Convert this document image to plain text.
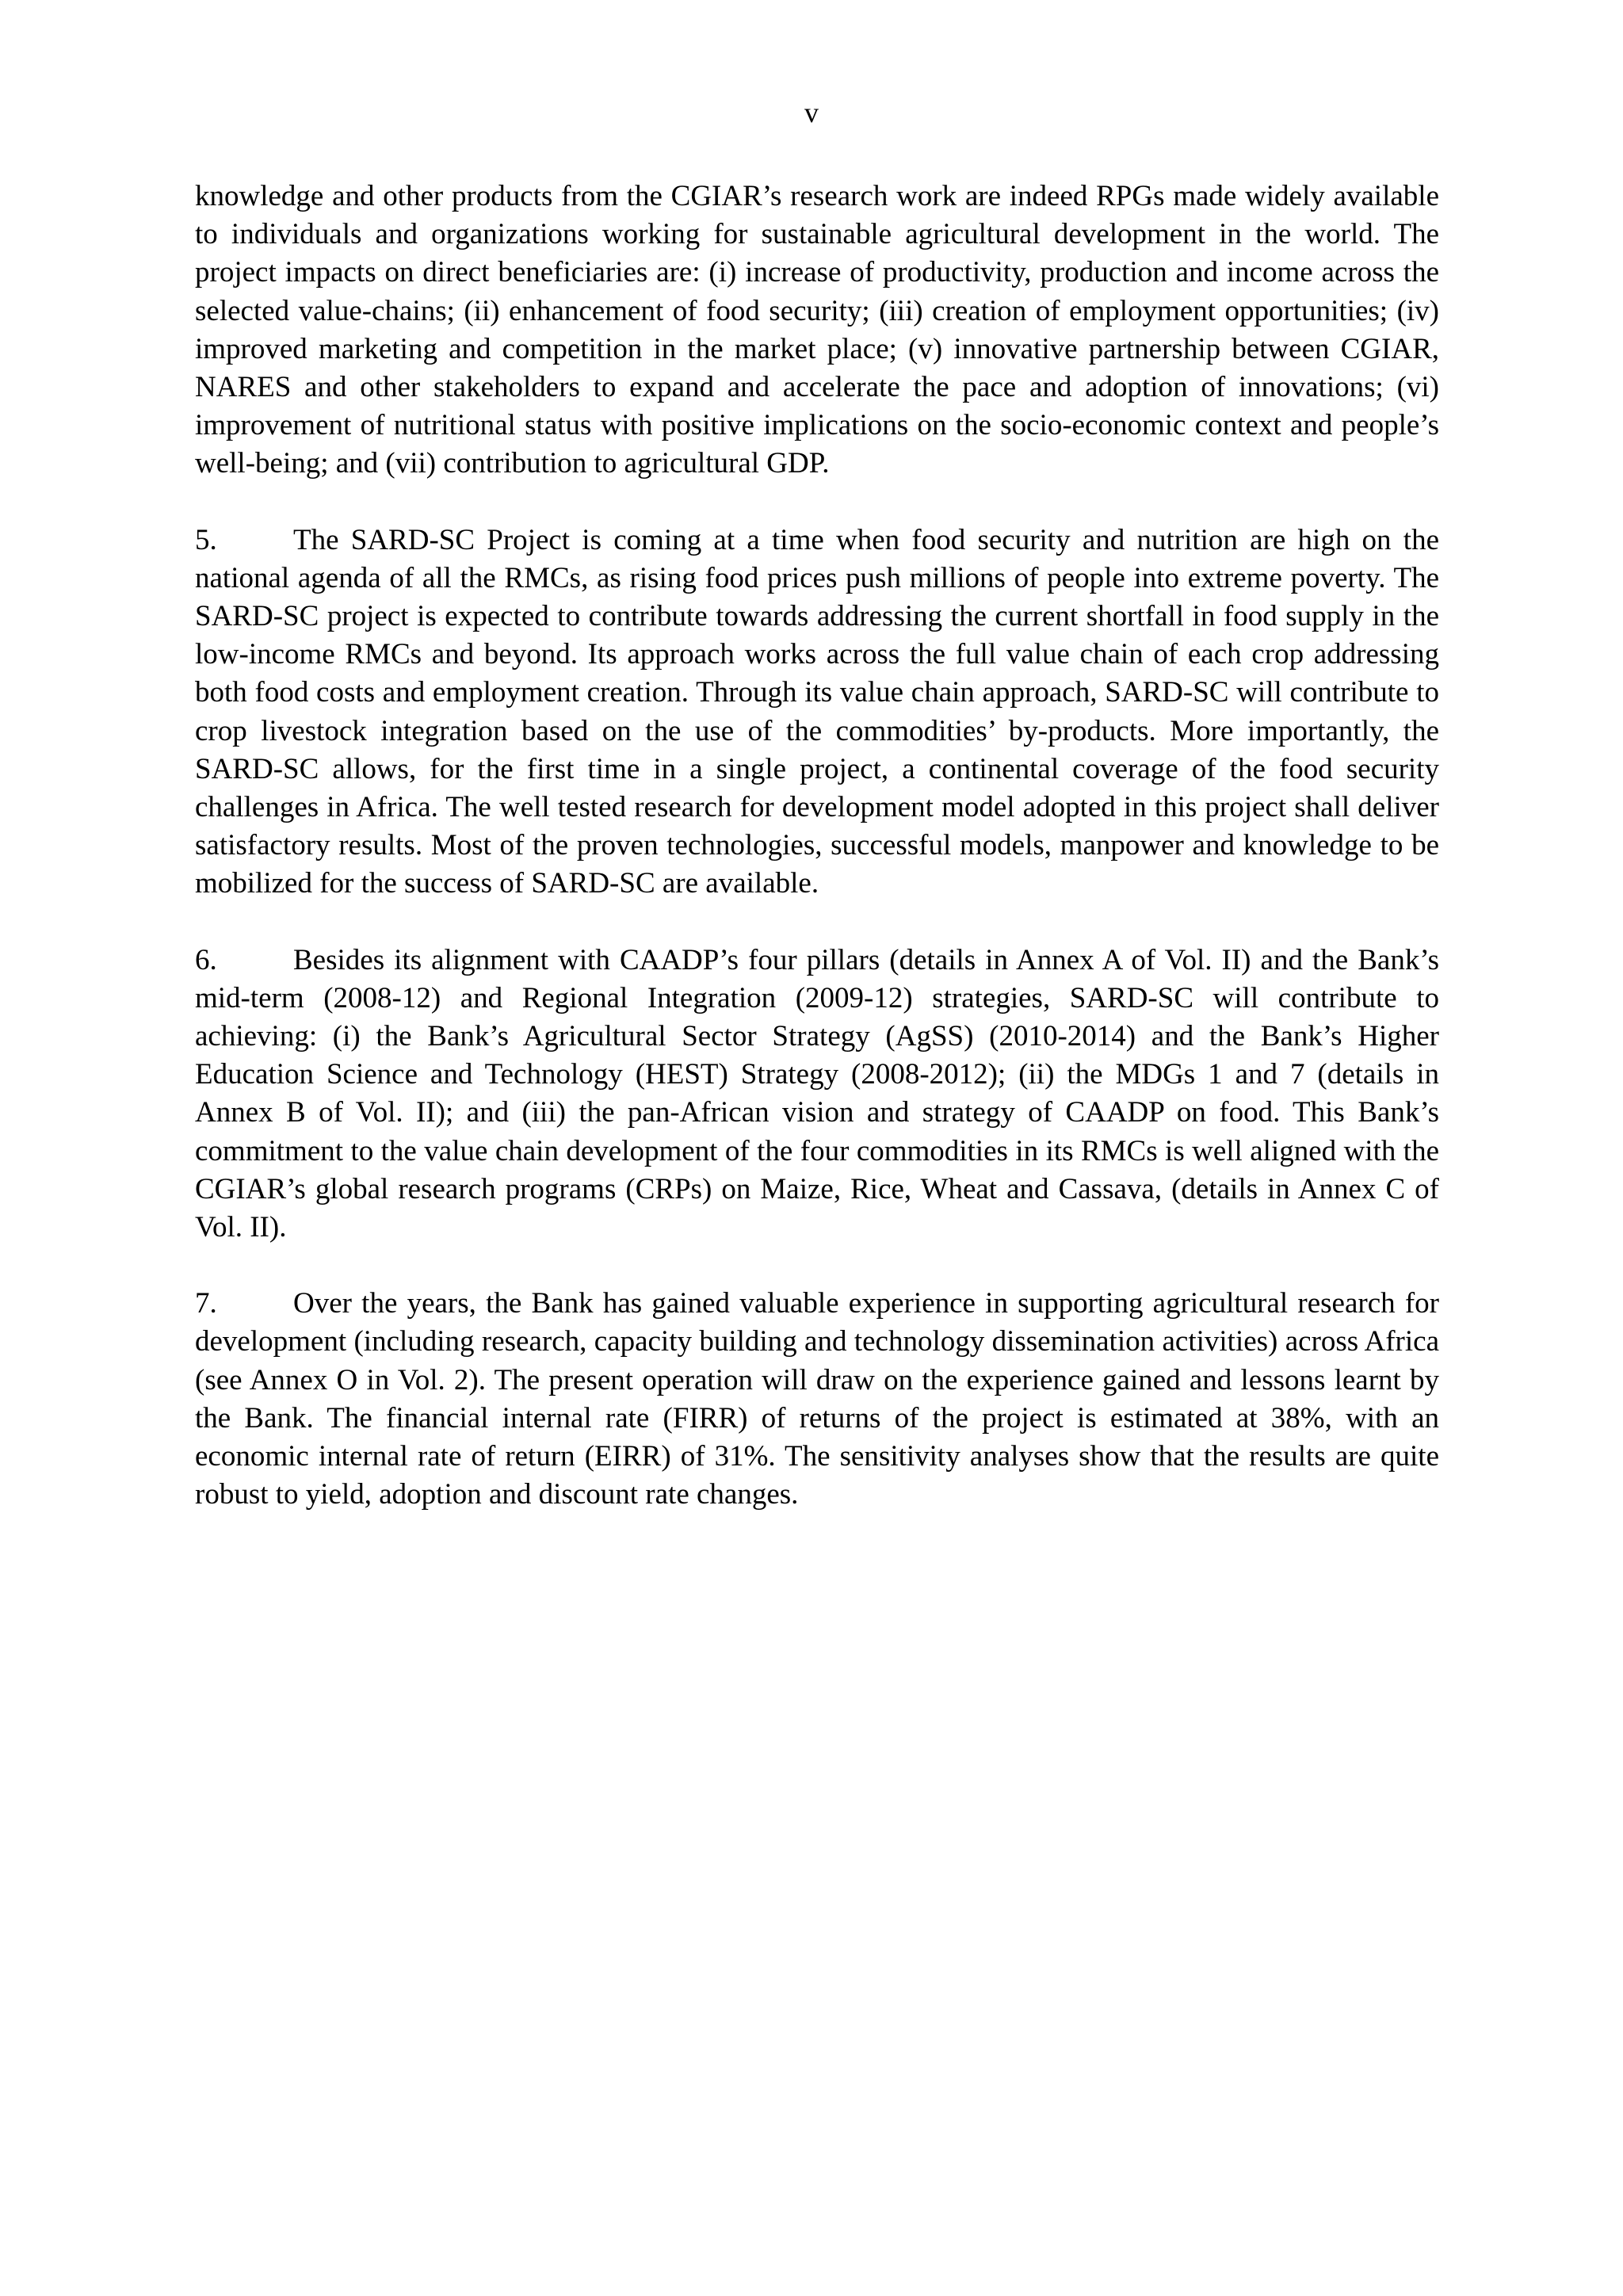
v

knowledge and other products from the CGIAR’s research work are indeed RPGs made widely available to individuals and organizations working for sustainable agricultural development in the world. The project impacts on direct beneficiaries are: (i) increase of productivity, production and income across the selected value-chains; (ii) enhancement of food security; (iii) creation of employment opportunities; (iv) improved marketing and competition in the market place; (v) innovative partnership between CGIAR, NARES and other stakeholders to expand and accelerate the pace and adoption of innovations; (vi) improvement of nutritional status with positive implications on the socio-economic context and people’s well-being; and (vii) contribution to agricultural GDP.

5.	The SARD-SC Project is coming at a time when food security and nutrition are high on the national agenda of all the RMCs, as rising food prices push millions of people into extreme poverty. The SARD-SC project is expected to contribute towards addressing the current shortfall in food supply in the low-income RMCs and beyond. Its approach works across the full value chain of each crop addressing both food costs and employment creation. Through its value chain approach, SARD-SC will contribute to crop livestock integration based on the use of the commodities’ by-products. More importantly, the SARD-SC allows, for the first time in a single project, a continental coverage of the food security challenges in Africa. The well tested research for development model adopted in this project shall deliver satisfactory results. Most of the proven technologies, successful models, manpower and knowledge to be mobilized for the success of SARD-SC are available.

6.	Besides its alignment with CAADP’s four pillars (details in Annex A of Vol. II) and the Bank’s mid-term (2008-12) and Regional Integration (2009-12) strategies, SARD-SC will contribute to achieving: (i) the Bank’s Agricultural Sector Strategy (AgSS) (2010-2014) and the Bank’s Higher Education Science and Technology (HEST) Strategy (2008-2012); (ii) the MDGs 1 and 7 (details in Annex B of Vol. II); and (iii) the pan-African vision and strategy of CAADP on food. This Bank’s commitment to the value chain development of the four commodities in its RMCs is well aligned with the CGIAR’s global research programs (CRPs) on Maize, Rice, Wheat and Cassava, (details in Annex C of Vol. II).

7.	Over the years, the Bank has gained valuable experience in supporting agricultural research for development (including research, capacity building and technology dissemination activities) across Africa (see Annex O in Vol. 2). The present operation will draw on the experience gained and lessons learnt by the Bank. The financial internal rate (FIRR) of returns of the project is estimated at 38%, with an economic internal rate of return (EIRR) of 31%. The sensitivity analyses show that the results are quite robust to yield, adoption and discount rate changes.
